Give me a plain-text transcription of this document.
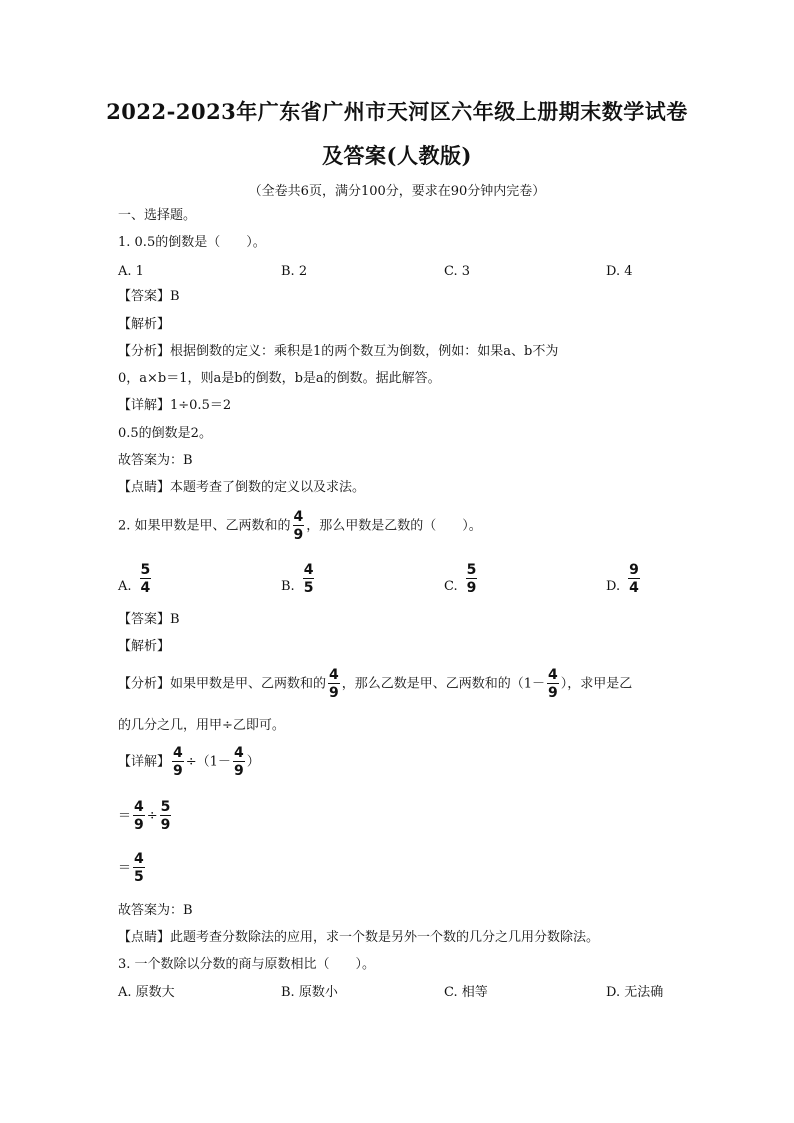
2022-2023年广东省广州市天河区六年级上册期末数学试卷
及答案(人教版)
（全卷共6页，满分100分，要求在90分钟内完卷）
一、选择题。
1. 0.5的倒数是（　　）。
A. 1	B. 2	C. 3	D. 4
【答案】B
【解析】
【分析】根据倒数的定义：乘积是1的两个数互为倒数，例如：如果a、b不为
0，a×b＝1，则a是b的倒数，b是a的倒数。据此解答。
【详解】1÷0.5＝2
0.5的倒数是2。
故答案为：B
【点睛】本题考查了倒数的定义以及求法。
2. 如果甲数是甲、乙两数和的 $\frac{4}{9}$ ，那么甲数是乙数的（　　）。
A. $\frac{5}{4}$	B. $\frac{4}{5}$	C. $\frac{5}{9}$	D. $\frac{9}{4}$
【答案】B
【解析】
【分析】如果甲数是甲、乙两数和的 $\frac{4}{9}$ ，那么乙数是甲、乙两数和的（$1- \frac{4}{9}$ ），求甲是乙
的几分之几，用甲÷乙即可。
【详解】 $\frac{4}{9} \div(1- \frac{4}{9}$ ）
＝ $\frac{4}{9} \div \frac{5}{9}$
＝ $\frac{4}{5}$
故答案为：B
【点睛】此题考查分数除法的应用，求一个数是另外一个数的几分之几用分数除法。
3. 一个数除以分数的商与原数相比（　　）。
A. 原数大	B. 原数小	C. 相等	D. 无法确
